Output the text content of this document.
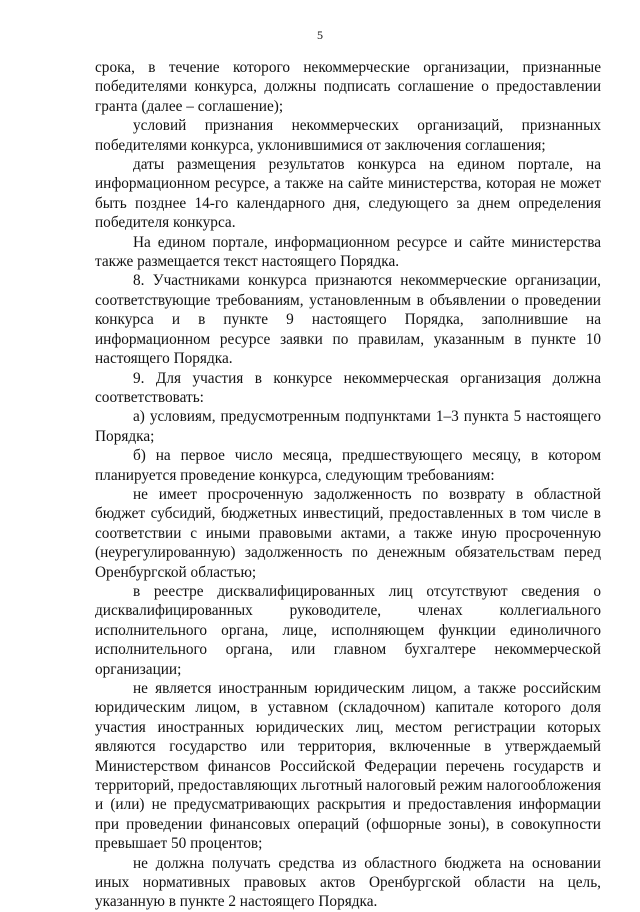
5

срока, в течение которого некоммерческие организации, признанные победителями конкурса, должны подписать соглашение о предоставлении гранта (далее – соглашение);

условий признания некоммерческих организаций, признанных победителями конкурса, уклонившимися от заключения соглашения;

даты размещения результатов конкурса на едином портале, на информационном ресурсе, а также на сайте министерства, которая не может быть позднее 14-го календарного дня, следующего за днем определения победителя конкурса.

На едином портале, информационном ресурсе и сайте министерства также размещается текст настоящего Порядка.

8. Участниками конкурса признаются некоммерческие организации, соответствующие требованиям, установленным в объявлении о проведении конкурса и в пункте 9 настоящего Порядка, заполнившие на информационном ресурсе заявки по правилам, указанным в пункте 10 настоящего Порядка.

9. Для участия в конкурсе некоммерческая организация должна соответствовать:

а) условиям, предусмотренным подпунктами 1–3 пункта 5 настоящего Порядка;

б) на первое число месяца, предшествующего месяцу, в котором планируется проведение конкурса, следующим требованиям:

не имеет просроченную задолженность по возврату в областной бюджет субсидий, бюджетных инвестиций, предоставленных в том числе в соответствии с иными правовыми актами, а также иную просроченную (неурегулированную) задолженность по денежным обязательствам перед Оренбургской областью;

в реестре дисквалифицированных лиц отсутствуют сведения о дисквалифицированных руководителе, членах коллегиального исполнительного органа, лице, исполняющем функции единоличного исполнительного органа, или главном бухгалтере некоммерческой организации;

не является иностранным юридическим лицом, а также российским юридическим лицом, в уставном (складочном) капитале которого доля участия иностранных юридических лиц, местом регистрации которых являются государство или территория, включенные в утверждаемый Министерством финансов Российской Федерации перечень государств и территорий, предоставляющих льготный налоговый режим налогообложения и (или) не предусматривающих раскрытия и предоставления информации при проведении финансовых операций (офшорные зоны), в совокупности превышает 50 процентов;

не должна получать средства из областного бюджета на основании иных нормативных правовых актов Оренбургской области на цель, указанную в пункте 2 настоящего Порядка.
